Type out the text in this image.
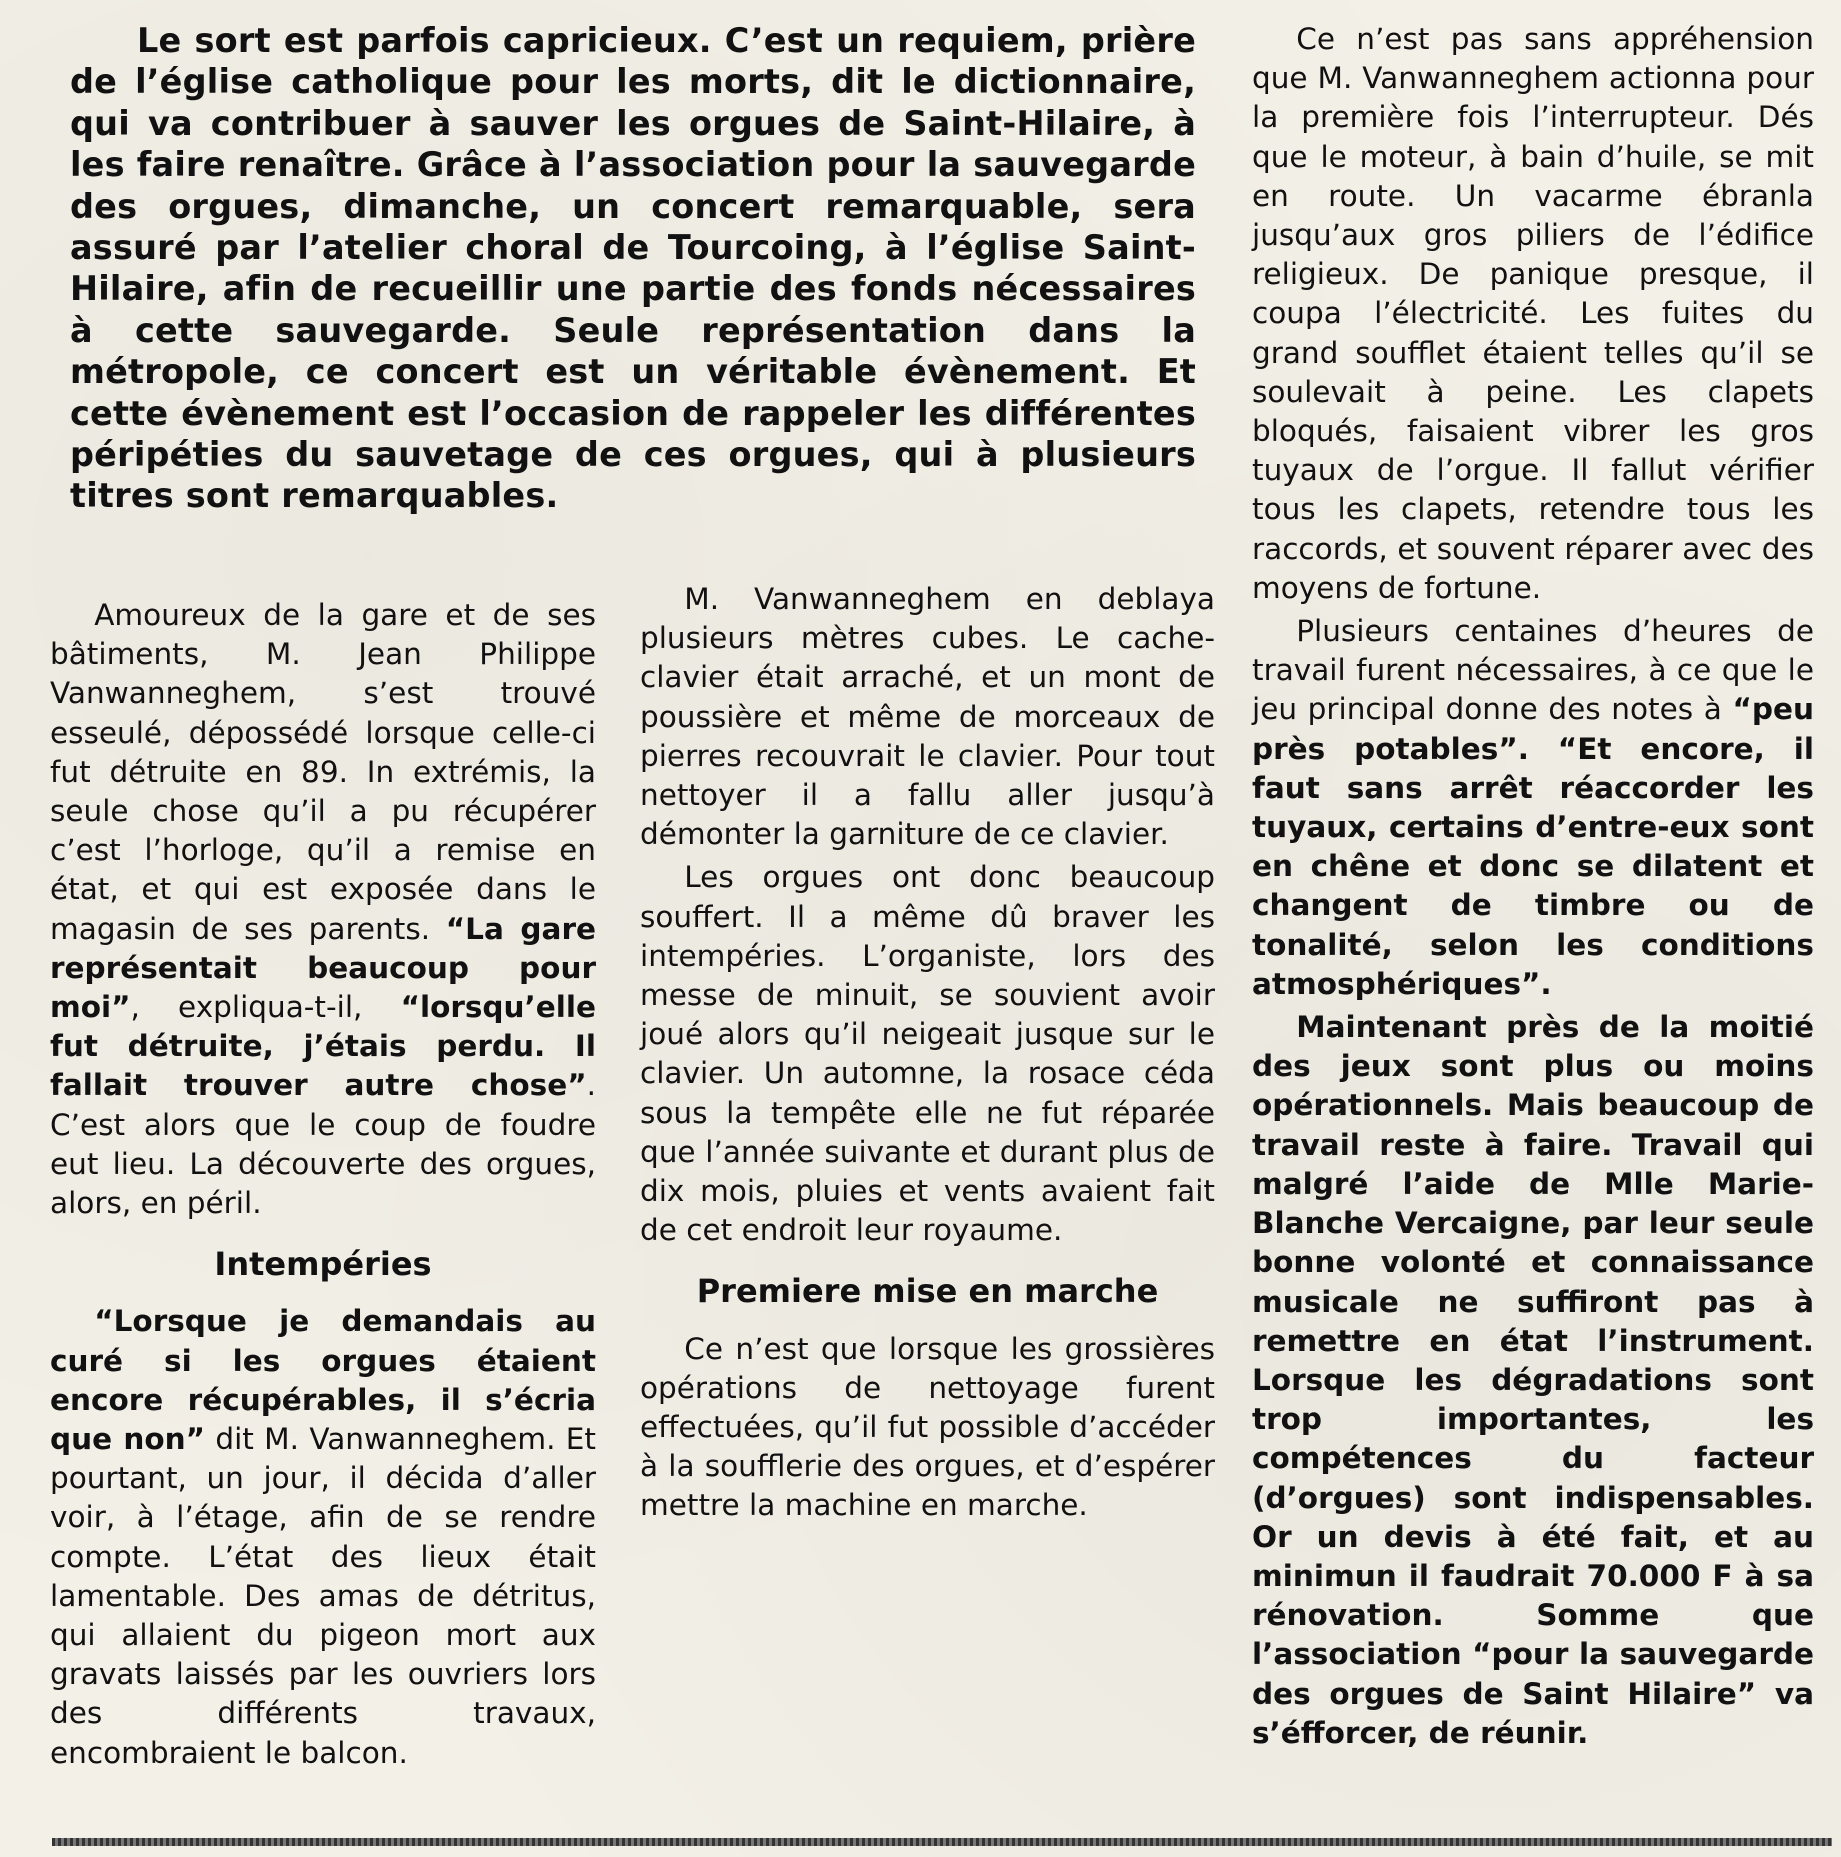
Le sort est parfois capricieux. C’est un requiem, prière de l’église catholique pour les morts, dit le dictionnaire, qui va contribuer à sauver les orgues de Saint-Hilaire, à les faire renaître. Grâce à l’association pour la sauvegarde des orgues, dimanche, un concert remarquable, sera assuré par l’atelier choral de Tourcoing, à l’église Saint-Hilaire, afin de recueillir une partie des fonds nécessaires à cette sauvegarde. Seule représentation dans la métropole, ce concert est un véritable évènement. Et cette évènement est l’occasion de rappeler les différentes péripéties du sauvetage de ces orgues, qui à plusieurs titres sont remarquables.

Amoureux de la gare et de ses bâtiments, M. Jean Philippe Vanwanneghem, s’est trouvé esseulé, dépossédé lorsque celle-ci fut détruite en 89. In extrémis, la seule chose qu’il a pu récupérer c’est l’horloge, qu’il a remise en état, et qui est exposée dans le magasin de ses parents. “La gare représentait beaucoup pour moi”, expliqua-t-il, “lorsqu’elle fut détruite, j’étais perdu. Il fallait trouver autre chose”. C’est alors que le coup de foudre eut lieu. La découverte des orgues, alors, en péril.

Intempéries

“Lorsque je demandais au curé si les orgues étaient encore récupérables, il s’écria que non” dit M. Vanwanneghem. Et pourtant, un jour, il décida d’aller voir, à l’étage, afin de se rendre compte. L’état des lieux était lamentable. Des amas de détritus, qui allaient du pigeon mort aux gravats laissés par les ouvriers lors des différents travaux, encombraient le balcon.

M. Vanwanneghem en deblaya plusieurs mètres cubes. Le cache-clavier était arraché, et un mont de poussière et même de morceaux de pierres recouvrait le clavier. Pour tout nettoyer il a fallu aller jusqu’à démonter la garniture de ce clavier.

Les orgues ont donc beaucoup souffert. Il a même dû braver les intempéries. L’organiste, lors des messe de minuit, se souvient avoir joué alors qu’il neigeait jusque sur le clavier. Un automne, la rosace céda sous la tempête elle ne fut réparée que l’année suivante et durant plus de dix mois, pluies et vents avaient fait de cet endroit leur royaume.

Premiere mise en marche

Ce n’est que lorsque les grossières opérations de nettoyage furent effectuées, qu’il fut possible d’accéder à la soufflerie des orgues, et d’espérer mettre la machine en marche.

Ce n’est pas sans appréhension que M. Vanwanneghem actionna pour la première fois l’interrupteur. Dés que le moteur, à bain d’huile, se mit en route. Un vacarme ébranla jusqu’aux gros piliers de l’édifice religieux. De panique presque, il coupa l’électricité. Les fuites du grand soufflet étaient telles qu’il se soulevait à peine. Les clapets bloqués, faisaient vibrer les gros tuyaux de l’orgue. Il fallut vérifier tous les clapets, retendre tous les raccords, et souvent réparer avec des moyens de fortune.

Plusieurs centaines d’heures de travail furent nécessaires, à ce que le jeu principal donne des notes à “peu près potables”. “Et encore, il faut sans arrêt réaccorder les tuyaux, certains d’entre-eux sont en chêne et donc se dilatent et changent de timbre ou de tonalité, selon les conditions atmosphériques”.

Maintenant près de la moitié des jeux sont plus ou moins opérationnels. Mais beaucoup de travail reste à faire. Travail qui malgré l’aide de Mlle Marie-Blanche Vercaigne, par leur seule bonne volonté et connaissance musicale ne suffiront pas à remettre en état l’instrument. Lorsque les dégradations sont trop importantes, les compétences du facteur (d’orgues) sont indispensables. Or un devis à été fait, et au minimun il faudrait 70.000 F à sa rénovation. Somme que l’association “pour la sauvegarde des orgues de Saint Hilaire” va s’éfforcer, de réunir.
